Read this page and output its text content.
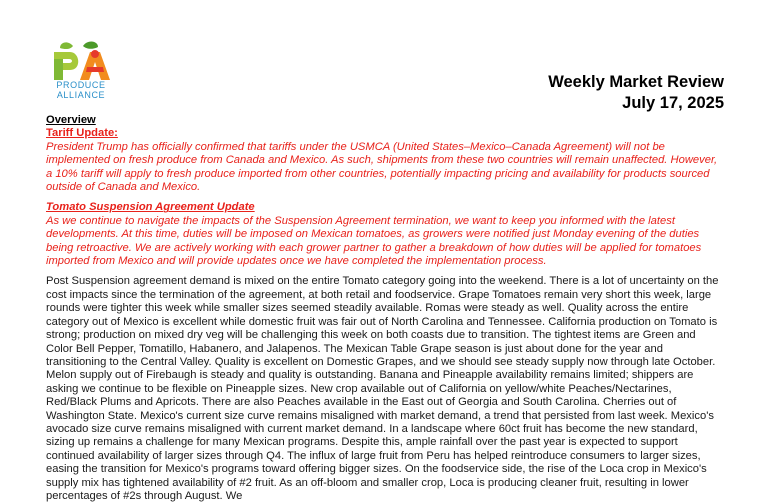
PRODUCE
ALLIANCE
Weekly Market Review
July 17, 2025

Overview

Tariff Update:

President Trump has officially confirmed that tariffs under the USMCA (United States–Mexico–Canada Agreement) will not be implemented on fresh produce from Canada and Mexico. As such, shipments from these two countries will remain unaffected. However, a 10% tariff will apply to fresh produce imported from other countries, potentially impacting pricing and availability for products sourced outside of Canada and Mexico.

Tomato Suspension Agreement Update

As we continue to navigate the impacts of the Suspension Agreement termination, we want to keep you informed with the latest developments. At this time, duties will be imposed on Mexican tomatoes, as growers were notified just Monday evening of the duties being retroactive. We are actively working with each grower partner to gather a breakdown of how duties will be applied for tomatoes imported from Mexico and will provide updates once we have completed the implementation process.

Post Suspension agreement demand is mixed on the entire Tomato category going into the weekend. There is a lot of uncertainty on the cost impacts since the termination of the agreement, at both retail and foodservice. Grape Tomatoes remain very short this week, large rounds were tighter this week while smaller sizes seemed steadily available. Romas were steady as well. Quality across the entire category out of Mexico is excellent while domestic fruit was fair out of North Carolina and Tennessee. California production on Tomato is strong; production on mixed dry veg will be challenging this week on both coasts due to transition. The tightest items are Green and Color Bell Pepper, Tomatillo, Habanero, and Jalapenos. The Mexican Table Grape season is just about done for the year and transitioning to the Central Valley. Quality is excellent on Domestic Grapes, and we should see steady supply now through late October. Melon supply out of Firebaugh is steady and quality is outstanding. Banana and Pineapple availability remains limited; shippers are asking we continue to be flexible on Pineapple sizes. New crop available out of California on yellow/white Peaches/Nectarines, Red/Black Plums and Apricots. There are also Peaches available in the East out of Georgia and South Carolina. Cherries out of Washington State. Mexico's current size curve remains misaligned with market demand, a trend that persisted from last week. Mexico's avocado size curve remains misaligned with current market demand. In a landscape where 60ct fruit has become the new standard, sizing up remains a challenge for many Mexican programs. Despite this, ample rainfall over the past year is expected to support continued availability of larger sizes through Q4. The influx of large fruit from Peru has helped reintroduce consumers to larger sizes, easing the transition for Mexico's programs toward offering bigger sizes. On the foodservice side, the rise of the Loca crop in Mexico's supply mix has tightened availability of #2 fruit. As an off-bloom and smaller crop, Loca is producing cleaner fruit, resulting in lower percentages of #2s through August. We
